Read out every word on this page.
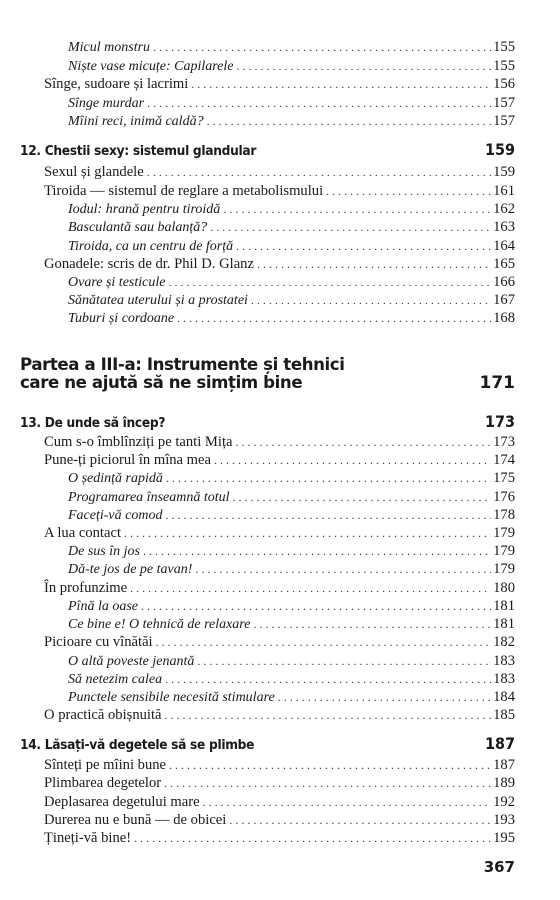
Micul monstru . . .	155
Niște vase micuțe: Capilarele . . .	155
Sînge, sudoare și lacrimi . . .	156
Sînge murdar . . .	157
Mîini reci, inimă caldă? . . .	157
12. Chestii sexy: sistemul glandular	159
Sexul și glandele . . .	159
Tiroida — sistemul de reglare a metabolismului . . .	161
Iodul: hrană pentru tiroidă . . .	162
Basculantă sau balanță? . . .	163
Tiroida, ca un centru de forță . . .	164
Gonadele: scris de dr. Phil D. Glanz . . .	165
Ovare și testicule . . .	166
Sănătatea uterului și a prostatei . . .	167
Tuburi și cordoane . . .	168
Partea a III-a: Instrumente și tehnici
care ne ajută să ne simțim bine	171
13. De unde să încep?	173
Cum s-o îmblînziți pe tanti Mița . . .	173
Pune-ți piciorul în mîna mea . . .	174
O ședință rapidă . . .	175
Programarea înseamnă totul . . .	176
Faceți-vă comod . . .	178
A lua contact . . .	179
De sus în jos . . .	179
Dă-te jos de pe tavan! . . .	179
În profunzime . . .	180
Pînă la oase . . .	181
Ce bine e! O tehnică de relaxare . . .	181
Picioare cu vînătăi . . .	182
O altă poveste jenantă . . .	183
Să netezim calea . . .	183
Punctele sensibile necesită stimulare . . .	184
O practică obișnuită . . .	185
14. Lăsați-vă degetele să se plimbe	187
Sînteți pe mîini bune . . .	187
Plimbarea degetelor . . .	189
Deplasarea degetului mare . . .	192
Durerea nu e bună — de obicei . . .	193
Țineți-vă bine! . . .	195
367
